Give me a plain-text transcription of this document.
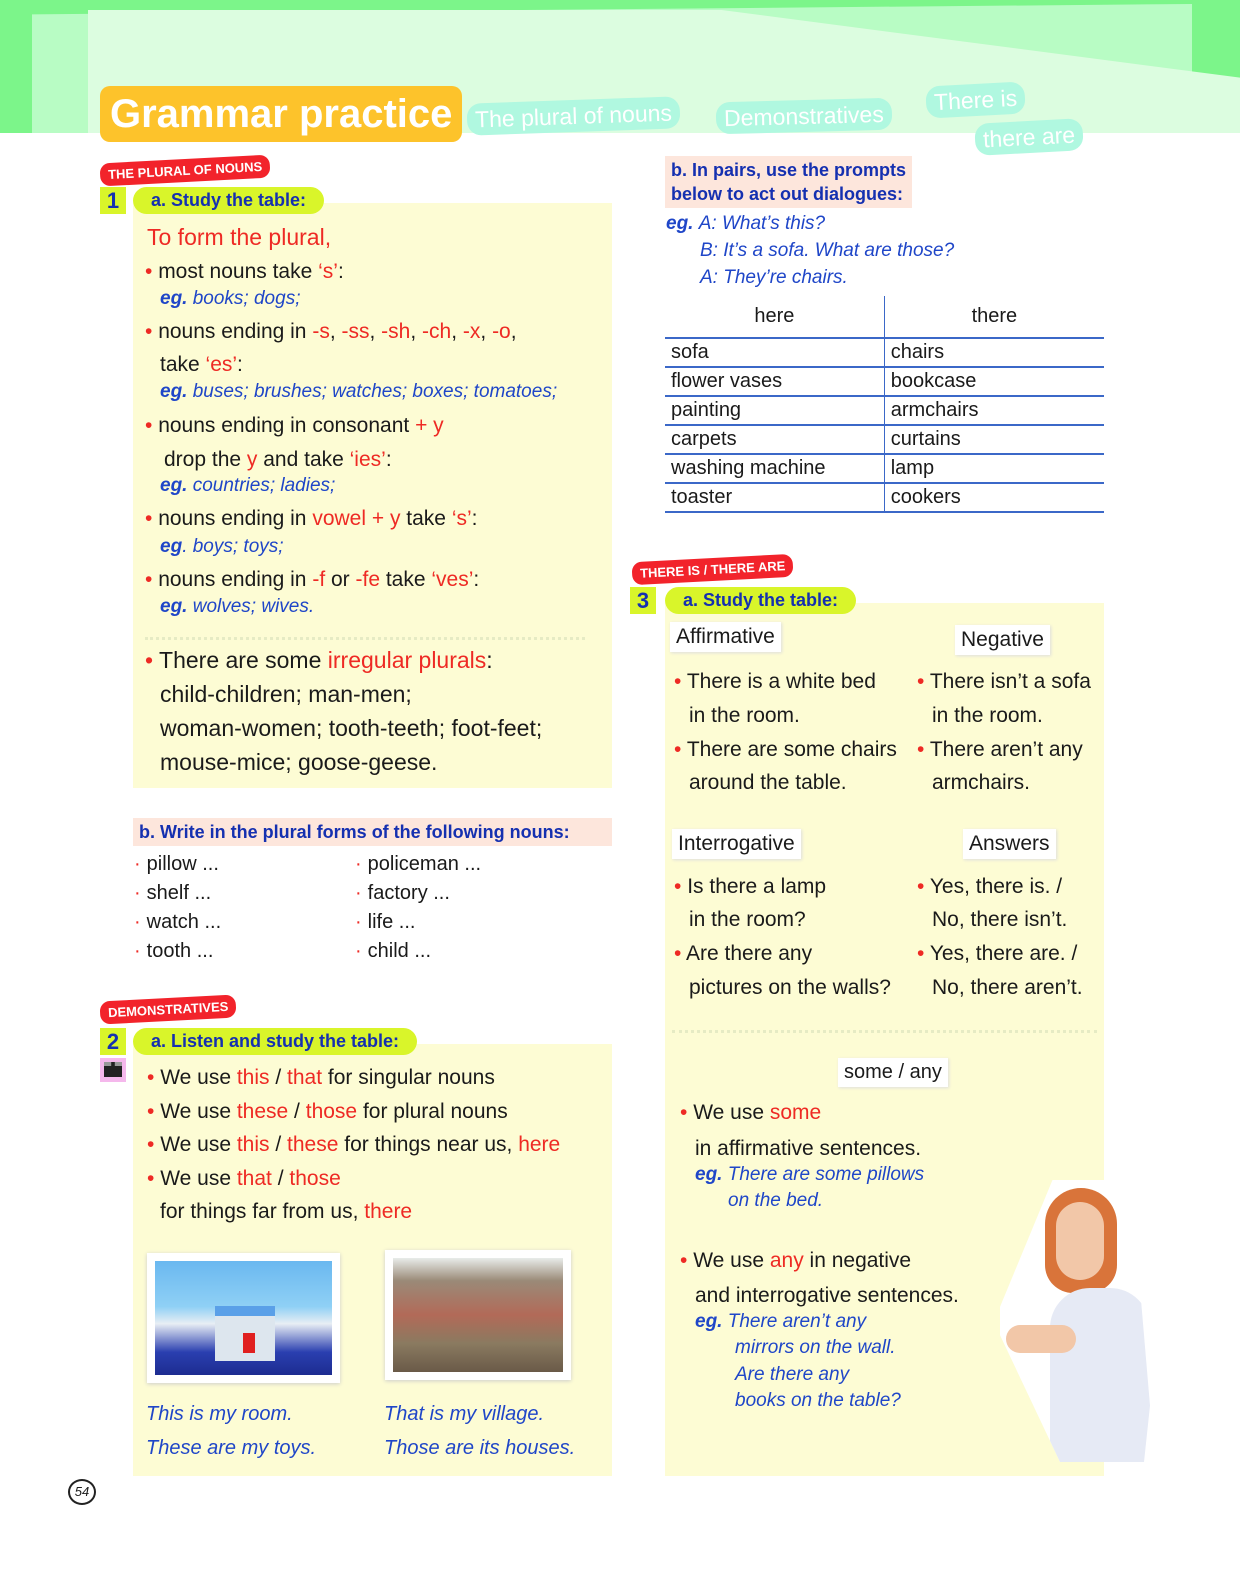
Grammar practice The plural of nouns	Demonstratives
There is
there are
THE PLURAL OF NOUNS
1	a. Study the table:
To form the plural,
• most nouns take ‘s’:
eg. books; dogs;
• nouns ending in -s, -ss, -sh, -ch, -x, -o,
take ‘es’:
eg. buses; brushes; watches; boxes; tomatoes;
• nouns ending in consonant + y
drop the y and take ‘ies’:
eg. countries; ladies;
• nouns ending in vowel + y take ‘s’:
eg. boys; toys;
• nouns ending in -f or -fe take ‘ves’:
eg. wolves; wives.
• There are some irregular plurals:
child-children; man-men;
woman-women; tooth-teeth; foot-feet;
mouse-mice; goose-geese.
b. Write in the plural forms of the following nouns:
· pillow ...
· shelf ...
· watch ...
· tooth ...
· policeman ...
· factory ...
· life ...
· child ...
DEMONSTRATIVES
2	a. Listen and study the table:
• We use this / that for singular nouns
• We use these / those for plural nouns
• We use this / these for things near us, here
• We use that / those
for things far from us, there
This is my room.
These are my toys.
That is my village.
Those are its houses.
b. In pairs, use the prompts
below to act out dialogues:
eg. A: What’s this?
B: It’s a sofa. What are those?
A: They’re chairs.
here	there
sofa	chairs
flower vases	bookcase
painting	armchairs
carpets	curtains
washing machine	lamp
toaster	cookers
THERE IS / THERE ARE
3	a. Study the table:
Affirmative	Negative
Interrogative	Answers
• There is a white bed
in the room.
• There are some chairs
around the table.
• There isn’t a sofa
in the room.
• There aren’t any
armchairs.
• Is there a lamp
in the room?
• Are there any
pictures on the walls?
• Yes, there is. /
No, there isn’t.
• Yes, there are. /
No, there aren’t.
some / any
• We use some
in affirmative sentences.
eg. There are some pillows
on the bed.
• We use any in negative
and interrogative sentences.
eg. There aren’t any
mirrors on the wall.
Are there any
books on the table?
54
